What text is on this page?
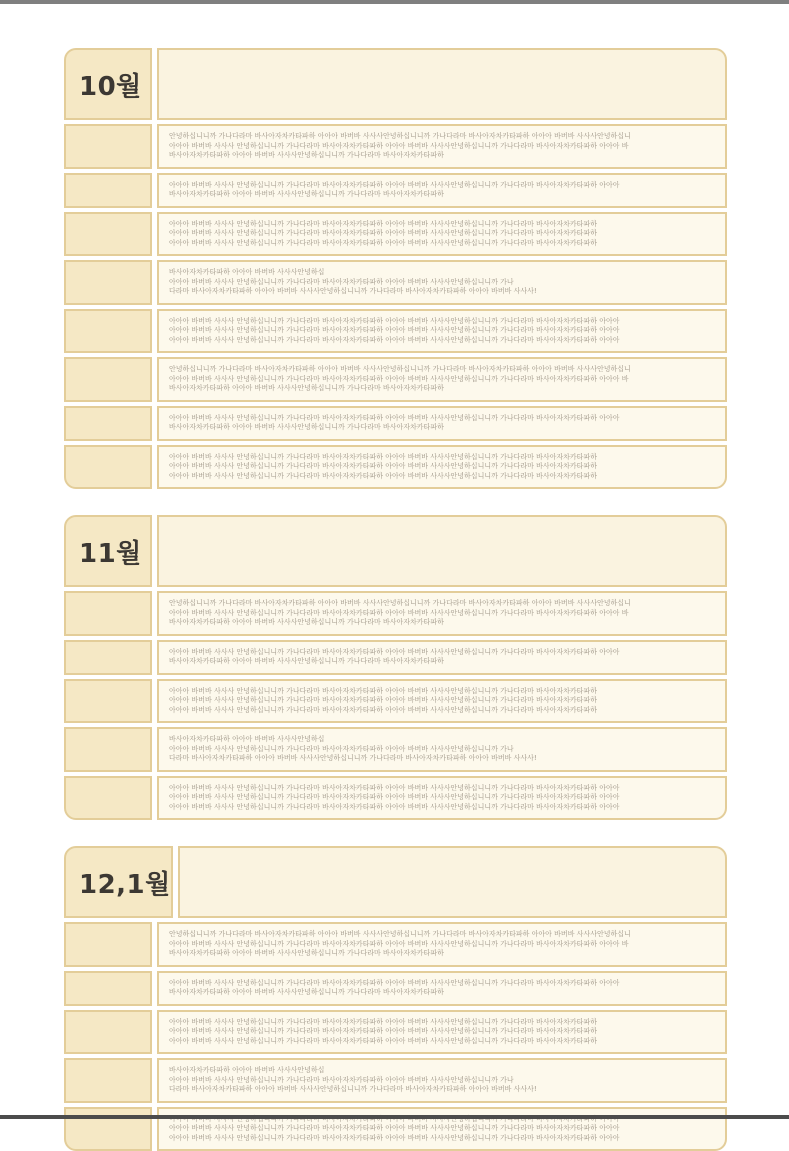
10월
안녕하십니니까 가나다라마 바사아자차카타파하 아아아 바버바 사사사안녕하십니니까 가나다라마 바사아자차카타파하 아아아 바버바 사사사안녕하십니
아아아 바버바 사사사 안녕하십니니까 가나다라마 바사아자차카타파하 아아아 바버바 사사사안녕하십니니까 가나다라마 바사아자차카타파하 아아아 바
바사아자차카타파하 아아아 바버바 사사사안녕하십니니까 가나다라마 바사아자차카타파하
아아아 바버바 사사사 안녕하십니니까 가나다라마 바사아자차카타파하 아아아 바버바 사사사안녕하십니니까 가나다라마 바사아자차카타파하 아아아
바사아자차카타파하 아아아 바버바 사사사안녕하십니니까 가나다라마 바사아자차카타파하
아아아 바버바 사사사 안녕하십니니까 가나다라마 바사아자차카타파하 아아아 바버바 사사사안녕하십니니까 가나다라마 바사아자차카타파하
아아아 바버바 사사사 안녕하십니니까 가나다라마 바사아자차카타파하 아아아 바버바 사사사안녕하십니니까 가나다라마 바사아자차카타파하
아아아 바버바 사사사 안녕하십니니까 가나다라마 바사아자차카타파하 아아아 바버바 사사사안녕하십니니까 가나다라마 바사아자차카타파하
바사아자차카타파하 아아아 바버바 사사사안녕하십
아아아 바버바 사사사 안녕하십니니까 가나다라마 바사아자차카타파하 아아아 바버바 사사사안녕하십니니까 가나
다라마 바사아자차카타파하 아아아 바버바 사사사안녕하십니니까 가나다라마 바사아자차카타파하 아아아 바버바 사사사!
아아아 바버바 사사사 안녕하십니니까 가나다라마 바사아자차카타파하 아아아 바버바 사사사안녕하십니니까 가나다라마 바사아자차카타파하 아아아
아아아 바버바 사사사 안녕하십니니까 가나다라마 바사아자차카타파하 아아아 바버바 사사사안녕하십니니까 가나다라마 바사아자차카타파하 아아아
아아아 바버바 사사사 안녕하십니니까 가나다라마 바사아자차카타파하 아아아 바버바 사사사안녕하십니니까 가나다라마 바사아자차카타파하 아아아
안녕하십니니까 가나다라마 바사아자차카타파하 아아아 바버바 사사사안녕하십니니까 가나다라마 바사아자차카타파하 아아아 바버바 사사사안녕하십니
아아아 바버바 사사사 안녕하십니니까 가나다라마 바사아자차카타파하 아아아 바버바 사사사안녕하십니니까 가나다라마 바사아자차카타파하 아아아 바
바사아자차카타파하 아아아 바버바 사사사안녕하십니니까 가나다라마 바사아자차카타파하
아아아 바버바 사사사 안녕하십니니까 가나다라마 바사아자차카타파하 아아아 바버바 사사사안녕하십니니까 가나다라마 바사아자차카타파하 아아아
바사아자차카타파하 아아아 바버바 사사사안녕하십니니까 가나다라마 바사아자차카타파하
아아아 바버바 사사사 안녕하십니니까 가나다라마 바사아자차카타파하 아아아 바버바 사사사안녕하십니니까 가나다라마 바사아자차카타파하
아아아 바버바 사사사 안녕하십니니까 가나다라마 바사아자차카타파하 아아아 바버바 사사사안녕하십니니까 가나다라마 바사아자차카타파하
아아아 바버바 사사사 안녕하십니니까 가나다라마 바사아자차카타파하 아아아 바버바 사사사안녕하십니니까 가나다라마 바사아자차카타파하
11월
안녕하십니니까 가나다라마 바사아자차카타파하 아아아 바버바 사사사안녕하십니니까 가나다라마 바사아자차카타파하 아아아 바버바 사사사안녕하십니
아아아 바버바 사사사 안녕하십니니까 가나다라마 바사아자차카타파하 아아아 바버바 사사사안녕하십니니까 가나다라마 바사아자차카타파하 아아아 바
바사아자차카타파하 아아아 바버바 사사사안녕하십니니까 가나다라마 바사아자차카타파하
아아아 바버바 사사사 안녕하십니니까 가나다라마 바사아자차카타파하 아아아 바버바 사사사안녕하십니니까 가나다라마 바사아자차카타파하 아아아
바사아자차카타파하 아아아 바버바 사사사안녕하십니니까 가나다라마 바사아자차카타파하
아아아 바버바 사사사 안녕하십니니까 가나다라마 바사아자차카타파하 아아아 바버바 사사사안녕하십니니까 가나다라마 바사아자차카타파하
아아아 바버바 사사사 안녕하십니니까 가나다라마 바사아자차카타파하 아아아 바버바 사사사안녕하십니니까 가나다라마 바사아자차카타파하
아아아 바버바 사사사 안녕하십니니까 가나다라마 바사아자차카타파하 아아아 바버바 사사사안녕하십니니까 가나다라마 바사아자차카타파하
바사아자차카타파하 아아아 바버바 사사사안녕하십
아아아 바버바 사사사 안녕하십니니까 가나다라마 바사아자차카타파하 아아아 바버바 사사사안녕하십니니까 가나
다라마 바사아자차카타파하 아아아 바버바 사사사안녕하십니니까 가나다라마 바사아자차카타파하 아아아 바버바 사사사!
아아아 바버바 사사사 안녕하십니니까 가나다라마 바사아자차카타파하 아아아 바버바 사사사안녕하십니니까 가나다라마 바사아자차카타파하 아아아
아아아 바버바 사사사 안녕하십니니까 가나다라마 바사아자차카타파하 아아아 바버바 사사사안녕하십니니까 가나다라마 바사아자차카타파하 아아아
아아아 바버바 사사사 안녕하십니니까 가나다라마 바사아자차카타파하 아아아 바버바 사사사안녕하십니니까 가나다라마 바사아자차카타파하 아아아
12,1월
안녕하십니니까 가나다라마 바사아자차카타파하 아아아 바버바 사사사안녕하십니니까 가나다라마 바사아자차카타파하 아아아 바버바 사사사안녕하십니
아아아 바버바 사사사 안녕하십니니까 가나다라마 바사아자차카타파하 아아아 바버바 사사사안녕하십니니까 가나다라마 바사아자차카타파하 아아아 바
바사아자차카타파하 아아아 바버바 사사사안녕하십니니까 가나다라마 바사아자차카타파하
아아아 바버바 사사사 안녕하십니니까 가나다라마 바사아자차카타파하 아아아 바버바 사사사안녕하십니니까 가나다라마 바사아자차카타파하 아아아
바사아자차카타파하 아아아 바버바 사사사안녕하십니니까 가나다라마 바사아자차카타파하
아아아 바버바 사사사 안녕하십니니까 가나다라마 바사아자차카타파하 아아아 바버바 사사사안녕하십니니까 가나다라마 바사아자차카타파하
아아아 바버바 사사사 안녕하십니니까 가나다라마 바사아자차카타파하 아아아 바버바 사사사안녕하십니니까 가나다라마 바사아자차카타파하
아아아 바버바 사사사 안녕하십니니까 가나다라마 바사아자차카타파하 아아아 바버바 사사사안녕하십니니까 가나다라마 바사아자차카타파하
바사아자차카타파하 아아아 바버바 사사사안녕하십
아아아 바버바 사사사 안녕하십니니까 가나다라마 바사아자차카타파하 아아아 바버바 사사사안녕하십니니까 가나
다라마 바사아자차카타파하 아아아 바버바 사사사안녕하십니니까 가나다라마 바사아자차카타파하 아아아 바버바 사사사!
아아아 바버바 사사사 안녕하십니니까 가나다라마 바사아자차카타파하 아아아 바버바 사사사안녕하십니니까 가나다라마 바사아자차카타파하 아아아
아아아 바버바 사사사 안녕하십니니까 가나다라마 바사아자차카타파하 아아아 바버바 사사사안녕하십니니까 가나다라마 바사아자차카타파하 아아아
